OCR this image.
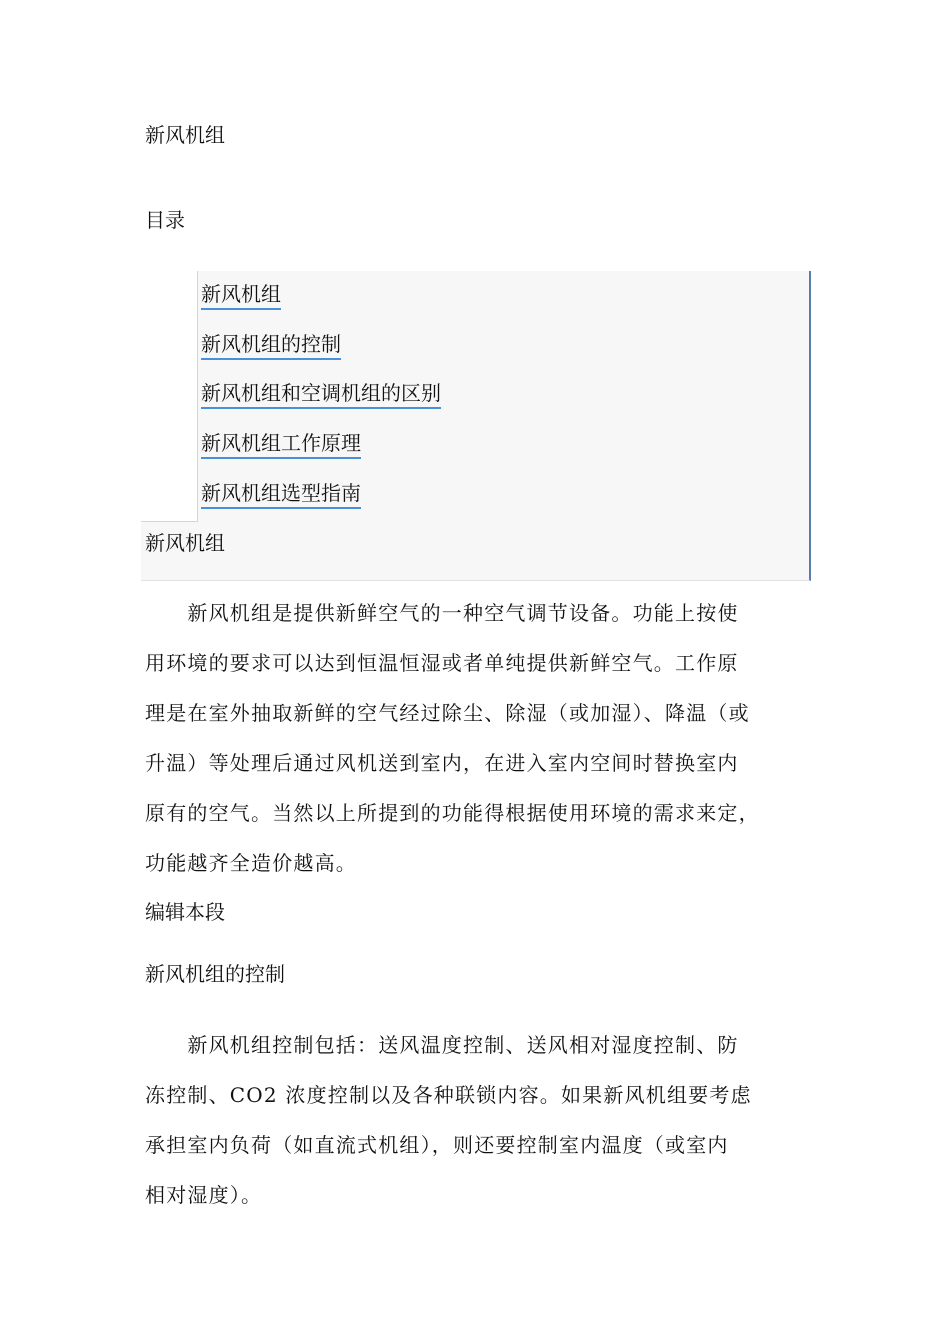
新风机组
目录
新风机组
新风机组的控制
新风机组和空调机组的区别
新风机组工作原理
新风机组选型指南
新风机组
　　新风机组是提供新鲜空气的一种空气调节设备。功能上按使
用环境的要求可以达到恒温恒湿或者单纯提供新鲜空气。工作原
理是在室外抽取新鲜的空气经过除尘、除湿（或加湿）、降温（或
升温）等处理后通过风机送到室内，在进入室内空间时替换室内
原有的空气。当然以上所提到的功能得根据使用环境的需求来定，
功能越齐全造价越高。
编辑本段
新风机组的控制
　　新风机组控制包括：送风温度控制、送风相对湿度控制、防
冻控制、CO2 浓度控制以及各种联锁内容。如果新风机组要考虑
承担室内负荷（如直流式机组），则还要控制室内温度（或室内
相对湿度）。
